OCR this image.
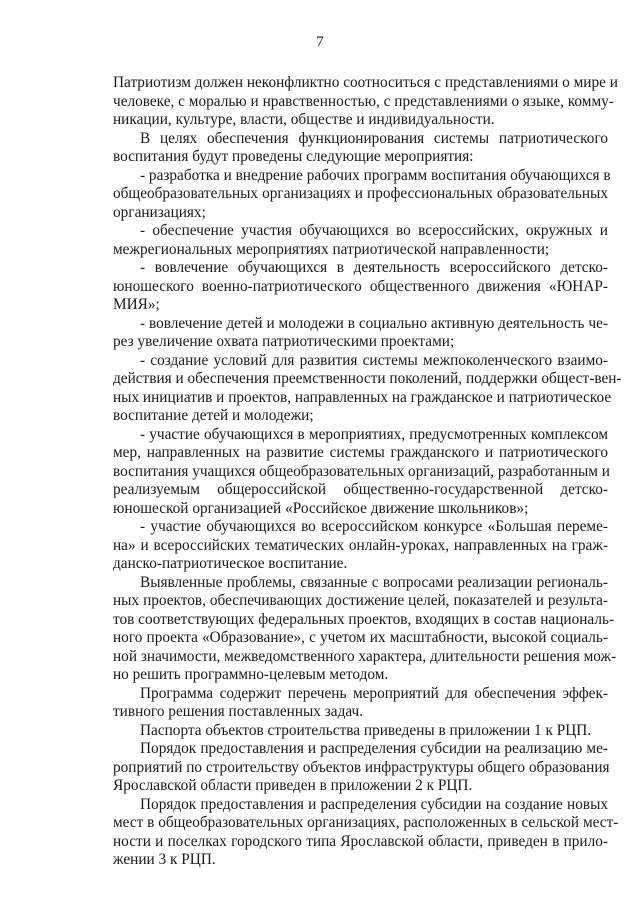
7
Патриотизм должен неконфликтно соотноситься с представлениями о мире и
человеке, с моралью и нравственностью, с представлениями о языке, комму-
никации, культуре, власти, обществе и индивидуальности.
В целях обеспечения функционирования системы патриотического
воспитания будут проведены следующие мероприятия:
- разработка и внедрение рабочих программ воспитания обучающихся в
общеобразовательных организациях и профессиональных образовательных
организациях;
- обеспечение участия обучающихся во всероссийских, окружных и
межрегиональных мероприятиях патриотической направленности;
- вовлечение обучающихся в деятельность всероссийского детско-
юношеского военно-патриотического общественного движения «ЮНАР-
МИЯ»;
- вовлечение детей и молодежи в социально активную деятельность че-
рез увеличение охвата патриотическими проектами;
- создание условий для развития системы межпоколенческого взаимо-
действия и обеспечения преемственности поколений, поддержки общест-вен-
ных инициатив и проектов, направленных на гражданское и патриотическое
воспитание детей и молодежи;
- участие обучающихся в мероприятиях, предусмотренных комплексом
мер, направленных на развитие системы гражданского и патриотического
воспитания учащихся общеобразовательных организаций, разработанным и
реализуемым общероссийской общественно-государственной детско-
юношеской организацией «Российское движение школьников»;
- участие обучающихся во всероссийском конкурсе «Большая переме-
на» и всероссийских тематических онлайн-уроках, направленных на граж-
данско-патриотическое воспитание.
Выявленные проблемы, связанные с вопросами реализации региональ-
ных проектов, обеспечивающих достижение целей, показателей и результа-
тов соответствующих федеральных проектов, входящих в состав националь-
ного проекта «Образование», с учетом их масштабности, высокой социаль-
ной значимости, межведомственного характера, длительности решения мож-
но решить программно-целевым методом.
Программа содержит перечень мероприятий для обеспечения эффек-
тивного решения поставленных задач.
Паспорта объектов строительства приведены в приложении 1 к РЦП.
Порядок предоставления и распределения субсидии на реализацию ме-
роприятий по строительству объектов инфраструктуры общего образования
Ярославской области приведен в приложении 2 к РЦП.
Порядок предоставления и распределения субсидии на создание новых
мест в общеобразовательных организациях, расположенных в сельской мест-
ности и поселках городского типа Ярославской области, приведен в прило-
жении 3 к РЦП.
